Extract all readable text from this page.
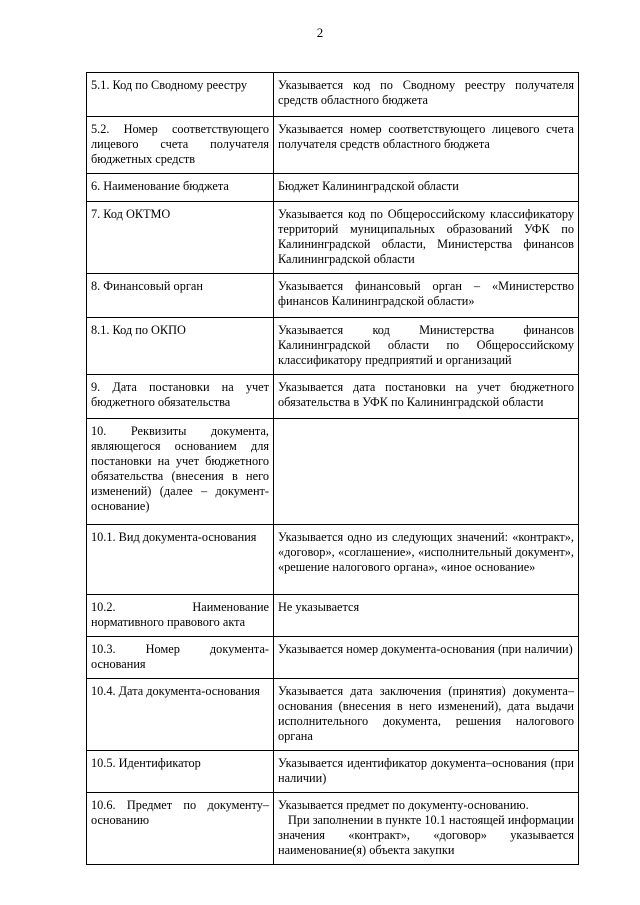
2
5.1. Код по Сводному реестру	Указывается код по Сводному реестру получателя средств областного бюджета

5.2. Номер соответствующего лицевого счета получателя бюджетных средств	Указывается номер соответствующего лицевого счета получателя средств областного бюджета

6. Наименование бюджета	Бюджет Калининградской области

7. Код ОКТМО	Указывается код по Общероссийскому классификатору территорий муниципальных образований УФК по Калининградской области, Министерства финансов Калининградской области

8. Финансовый орган	Указывается финансовый орган – «Министерство финансов Калининградской области»

8.1. Код по ОКПО	Указывается код Министерства финансов Калининградской области по Общероссийскому классификатору предприятий и организаций

9. Дата постановки на учет бюджетного обязательства	Указывается дата постановки на учет бюджетного обязательства в УФК по Калининградской области

10. Реквизиты документа, являющегося основанием для постановки на учет бюджетного обязательства (внесения в него изменений) (далее – документ-основание)	
10.1. Вид документа-основания	Указывается одно из следующих значений: «контракт», «договор», «соглашение», «исполнительный документ», «решение налогового органа», «иное основание»

10.2. Наименование нормативного правового акта	Не указывается

10.3. Номер документа-основания	Указывается номер документа-основания (при наличии)

10.4. Дата документа-основания	Указывается дата заключения (принятия) документа–основания (внесения в него изменений), дата выдачи исполнительного документа, решения налогового органа

10.5. Идентификатор	Указывается идентификатор документа–основания (при наличии)

10.6. Предмет по документу–основанию	Указывается предмет по документу-основанию.
При заполнении в пункте 10.1 настоящей информации значения «контракт», «договор» указывается наименование(я) объекта закупки
